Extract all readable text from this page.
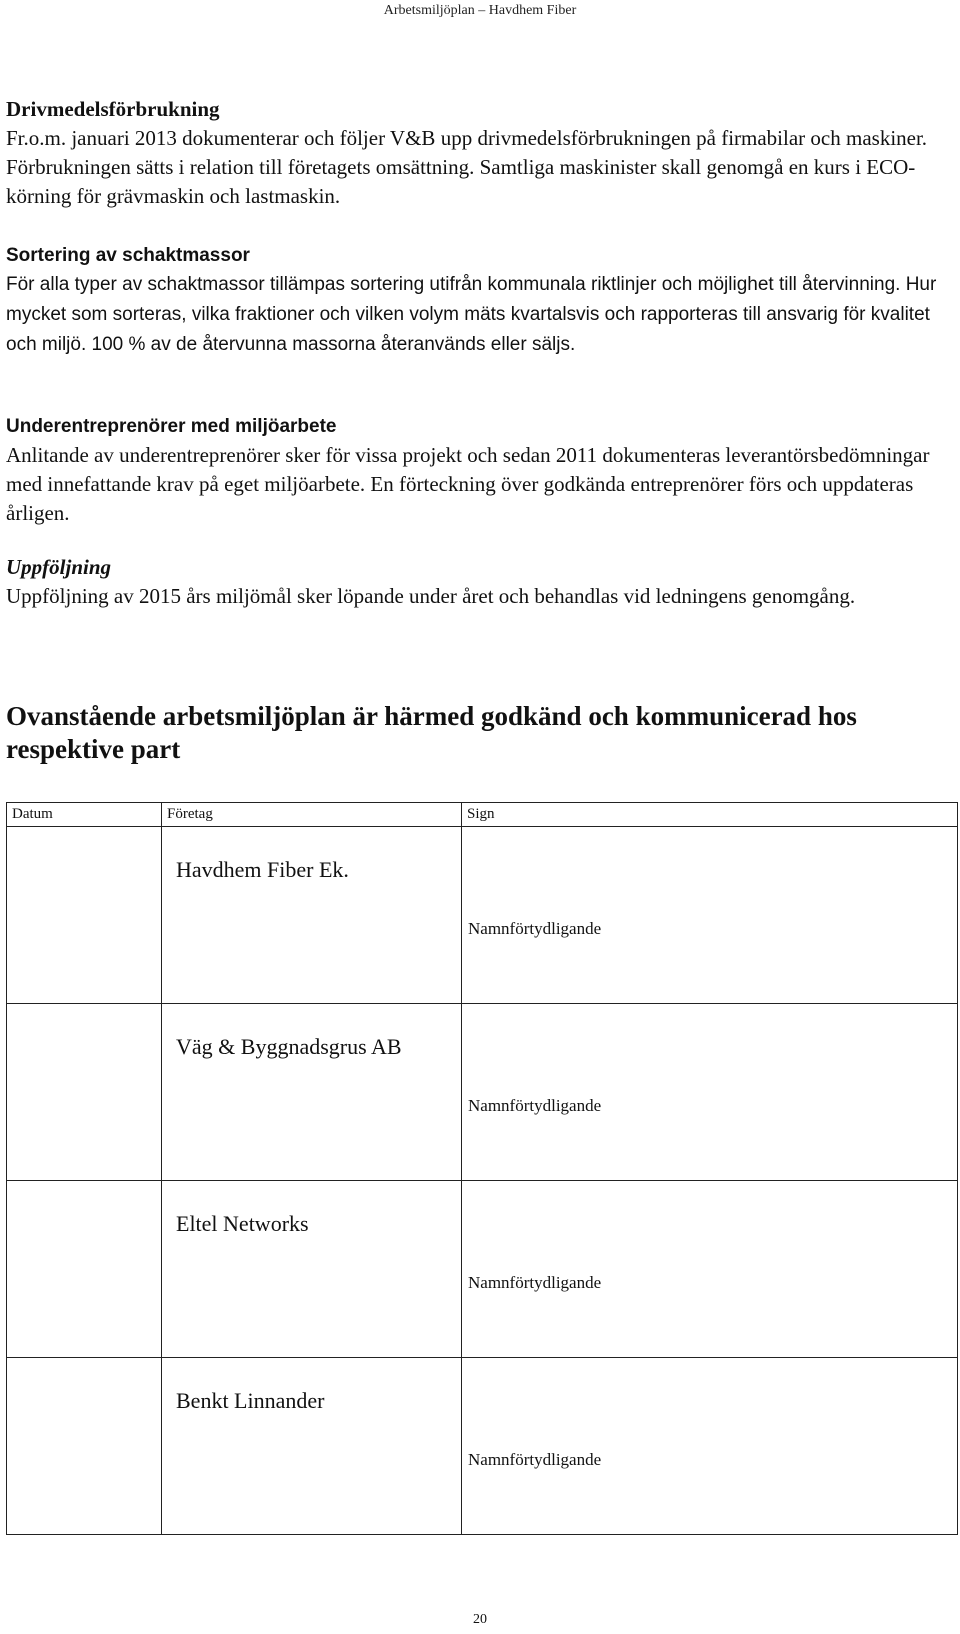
Arbetsmiljöplan – Havdhem Fiber

Drivmedelsförbrukning

Fr.o.m. januari 2013 dokumenterar och följer V&B upp drivmedelsförbrukningen på firmabilar och maskiner. Förbrukningen sätts i relation till företagets omsättning. Samtliga maskinister skall genomgå en kurs i ECO-körning för grävmaskin och lastmaskin.

Sortering av schaktmassor

För alla typer av schaktmassor tillämpas sortering utifrån kommunala riktlinjer och möjlighet till återvinning. Hur mycket som sorteras, vilka fraktioner och vilken volym mäts kvartalsvis och rapporteras till ansvarig för kvalitet och miljö. 100 % av de återvunna massorna återanvänds eller säljs.

Underentreprenörer med miljöarbete

Anlitande av underentreprenörer sker för vissa projekt och sedan 2011 dokumenteras leverantörsbedömningar med innefattande krav på eget miljöarbete. En förteckning över godkända entreprenörer förs och uppdateras årligen.

Uppföljning

Uppföljning av 2015 års miljömål sker löpande under året och behandlas vid ledningens genomgång.

Ovanstående arbetsmiljöplan är härmed godkänd och kommunicerad hos respektive part
Datum	Företag	Sign

	Havdhem Fiber Ek.	Namnförtydligande

	Väg & Byggnadsgrus AB	Namnförtydligande

	Eltel Networks	Namnförtydligande

	Benkt Linnander	Namnförtydligande
20
